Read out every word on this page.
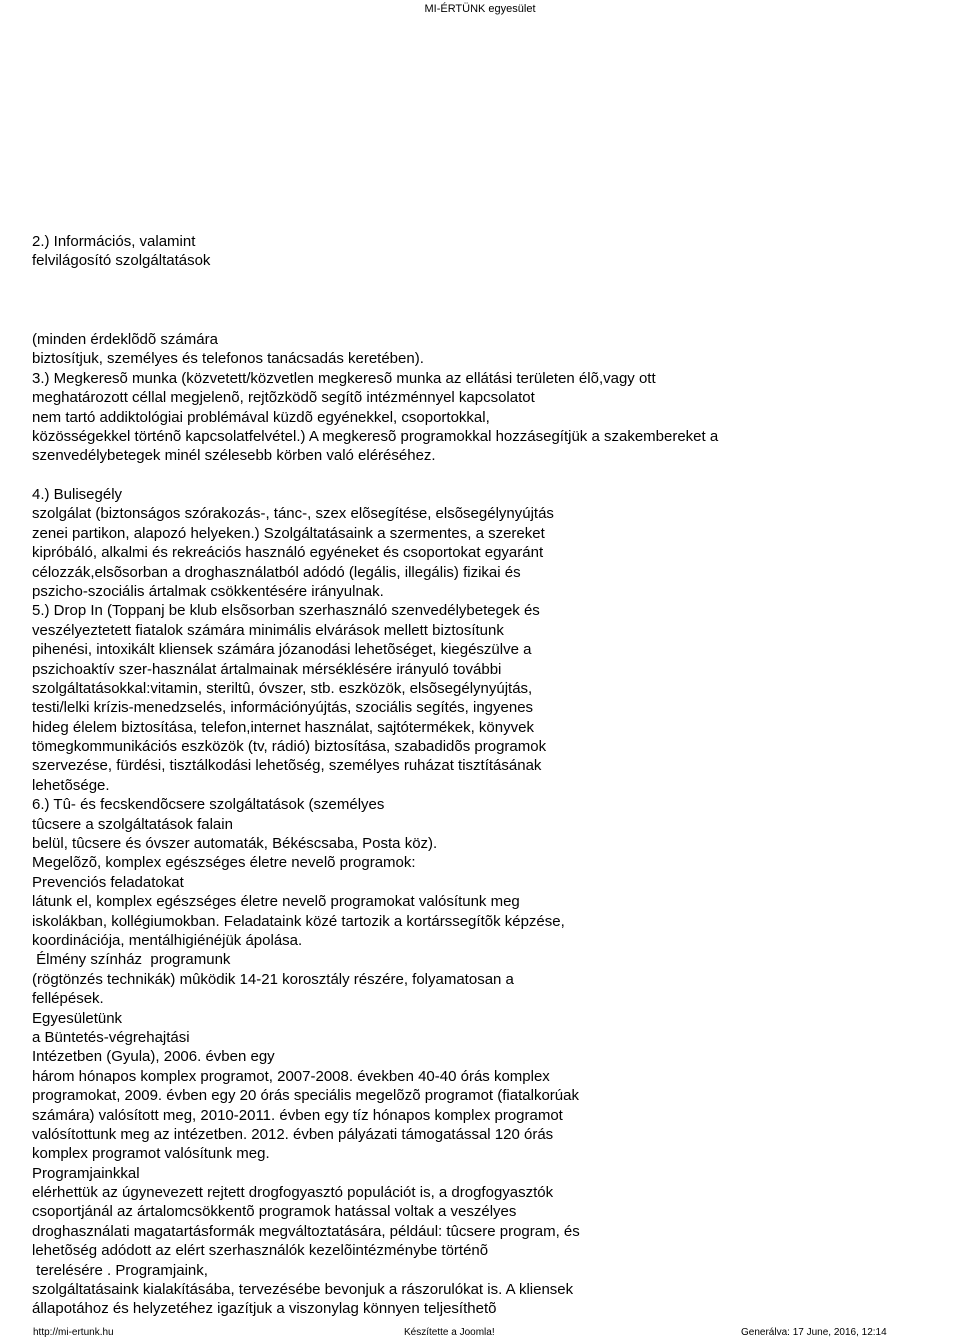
MI-ÉRTÜNK egyesület
2.) Információs, valamint
felvilágosító szolgáltatások
(minden érdeklõdõ számára
biztosítjuk, személyes és telefonos tanácsadás keretében).
3.) Megkeresõ munka (közvetett/közvetlen megkeresõ munka az ellátási területen élõ,vagy ott
meghatározott céllal megjelenõ, rejtõzködõ segítõ intézménnyel kapcsolatot
nem tartó addiktológiai problémával küzdõ egyénekkel, csoportokkal,
közösségekkel történõ kapcsolatfelvétel.) A megkeresõ programokkal hozzásegítjük a szakembereket a
szenvedélybetegek minél szélesebb körben való eléréséhez.
4.) Bulisegély
szolgálat (biztonságos szórakozás-, tánc-, szex elõsegítése, elsõsegélynyújtás
zenei partikon, alapozó helyeken.) Szolgáltatásaink a szermentes, a szereket
kipróbáló, alkalmi és rekreációs használó egyéneket és csoportokat egyaránt
célozzák,elsõsorban a droghasználatból adódó (legális, illegális) fizikai és
pszicho-szociális ártalmak csökkentésére irányulnak.
5.) Drop In (Toppanj be klub elsõsorban szerhasználó szenvedélybetegek és
veszélyeztetett fiatalok számára minimális elvárások mellett biztosítunk
pihenési, intoxikált kliensek számára józanodási lehetõséget, kiegészülve a
pszichoaktív szer-használat ártalmainak mérséklésére irányuló további
szolgáltatásokkal:vitamin, steriltû, óvszer, stb. eszközök, elsõsegélynyújtás,
testi/lelki krízis-menedzselés, információnyújtás, szociális segítés, ingyenes
hideg élelem biztosítása, telefon,internet használat, sajtótermékek, könyvek
tömegkommunikációs eszközök (tv, rádió) biztosítása, szabadidõs programok
szervezése, fürdési, tisztálkodási lehetõség, személyes ruházat tisztításának
lehetõsége.
6.) Tû- és fecskendõcsere szolgáltatások (személyes
tûcsere a szolgáltatások falain
belül, tûcsere és óvszer automaták, Békéscsaba, Posta köz).
Megelõzõ, komplex egészséges életre nevelõ programok:
Prevenciós feladatokat
látunk el, komplex egészséges életre nevelõ programokat valósítunk meg
iskolákban, kollégiumokban. Feladataink közé tartozik a kortárssegítõk képzése,
koordinációja, mentálhigiénéjük ápolása.
Élmény színház  programunk
(rögtönzés technikák) mûködik 14-21 korosztály részére, folyamatosan a
fellépések.
Egyesületünk
a Büntetés-végrehajtási
Intézetben (Gyula), 2006. évben egy
három hónapos komplex programot, 2007-2008. években 40-40 órás komplex
programokat, 2009. évben egy 20 órás speciális megelõzõ programot (fiatalkorúak
számára) valósított meg, 2010-2011. évben egy tíz hónapos komplex programot
valósítottunk meg az intézetben. 2012. évben pályázati támogatással 120 órás
komplex programot valósítunk meg.
Programjainkkal
elérhettük az úgynevezett rejtett drogfogyasztó populációt is, a drogfogyasztók
csoportjánál az ártalomcsökkentõ programok hatással voltak a veszélyes
droghasználati magatartásformák megváltoztatására, például: tûcsere program, és
lehetõség adódott az elért szerhasználók kezelõintézménybe történõ
terelésére . Programjaink,
szolgáltatásaink kialakításába, tervezésébe bevonjuk a rászorulókat is. A kliensek
állapotához és helyzetéhez igazítjuk a viszonylag könnyen teljesíthetõ
http://mi-ertunk.hu	Készítette a Joomla!	Generálva: 17 June, 2016, 12:14
